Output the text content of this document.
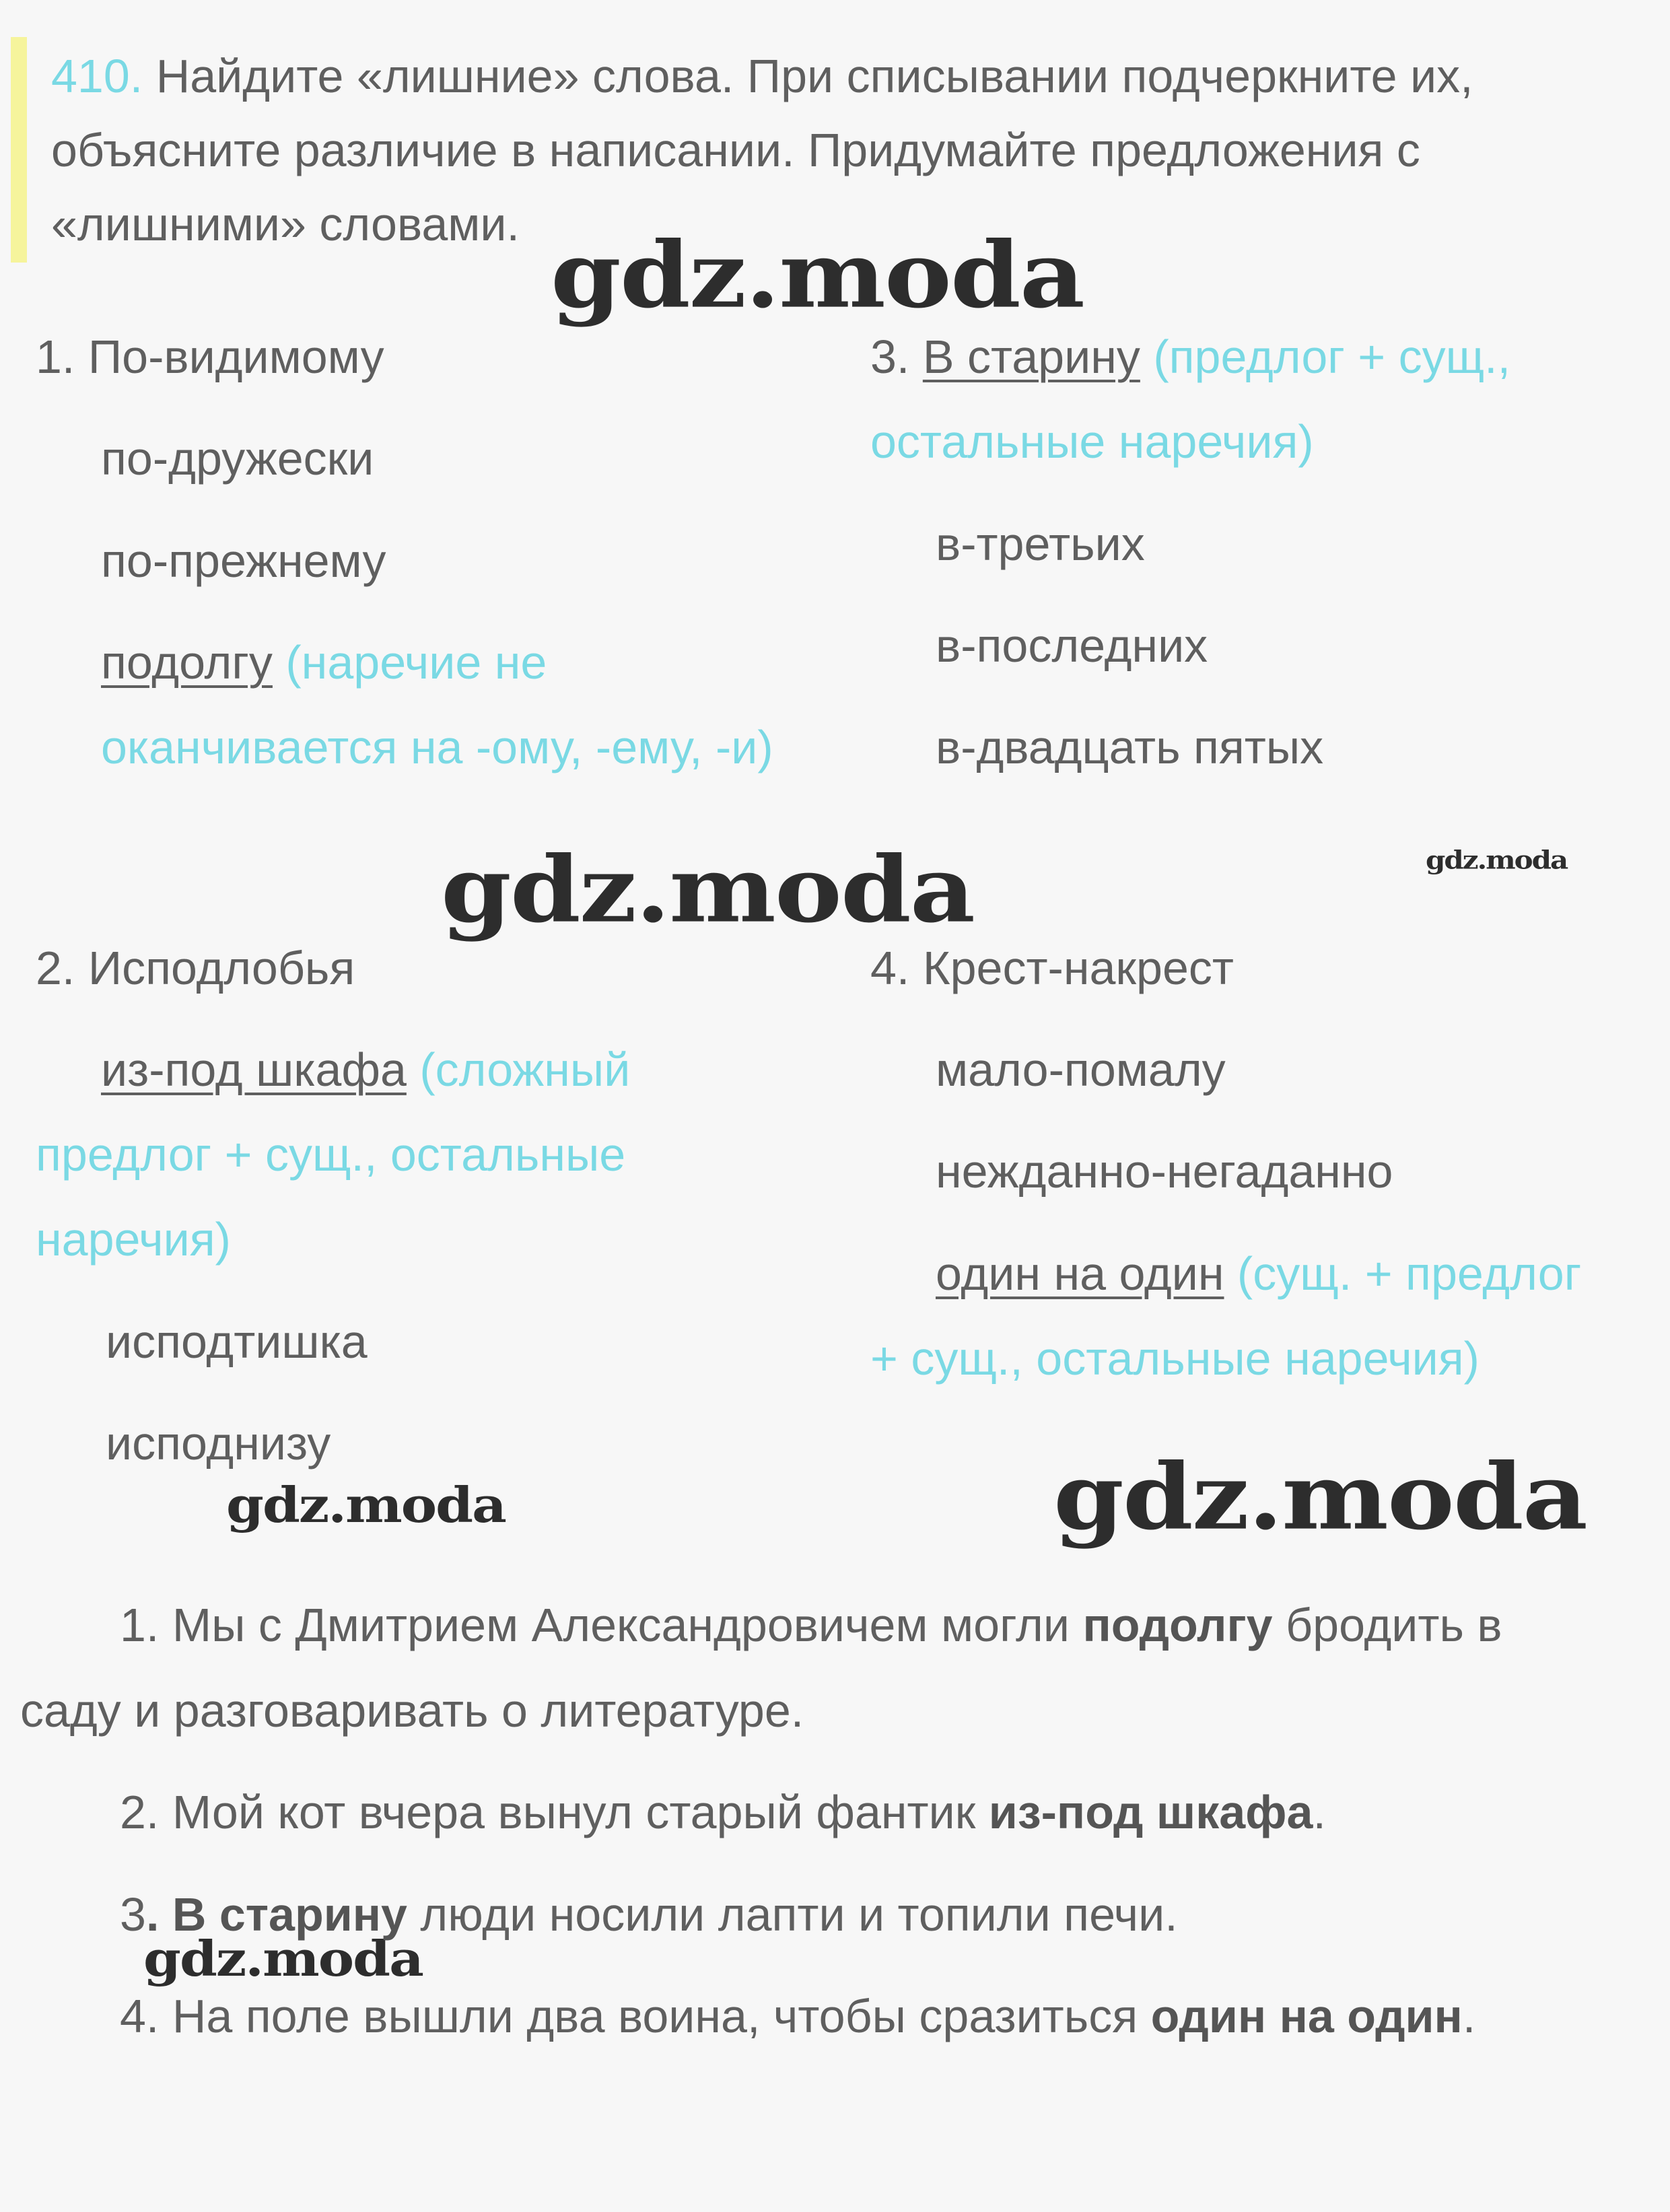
410. Найдите «лишние» слова. При списывании подчеркните их, объясните различие в написании. Придумайте предложения с «лишними» словами. gdz.moda
gdz.moda	gdz.moda
gdz.moda	gdz.moda
gdz.moda
1. По-видимому
по-дружески
по-прежнему
подолгу (наречие не
оканчивается на -ому, -ему, -и)
2. Исподлобья
из-под шкафа (сложный
предлог + сущ., остальные
наречия)
исподтишка
исподнизу
3. В старину (предлог + сущ.,
остальные наречия)
в-третьих
в-последних
в-двадцать пятых
4. Крест-накрест
мало-помалу
нежданно-негаданно
один на один (сущ. + предлог
+ сущ., остальные наречия)
1. Мы с Дмитрием Александровичем могли подолгу бродить в
саду и разговаривать о литературе.
2. Мой кот вчера вынул старый фантик из-под шкафа.
3. В старину люди носили лапти и топили печи.
4. На поле вышли два воина, чтобы сразиться один на один.
